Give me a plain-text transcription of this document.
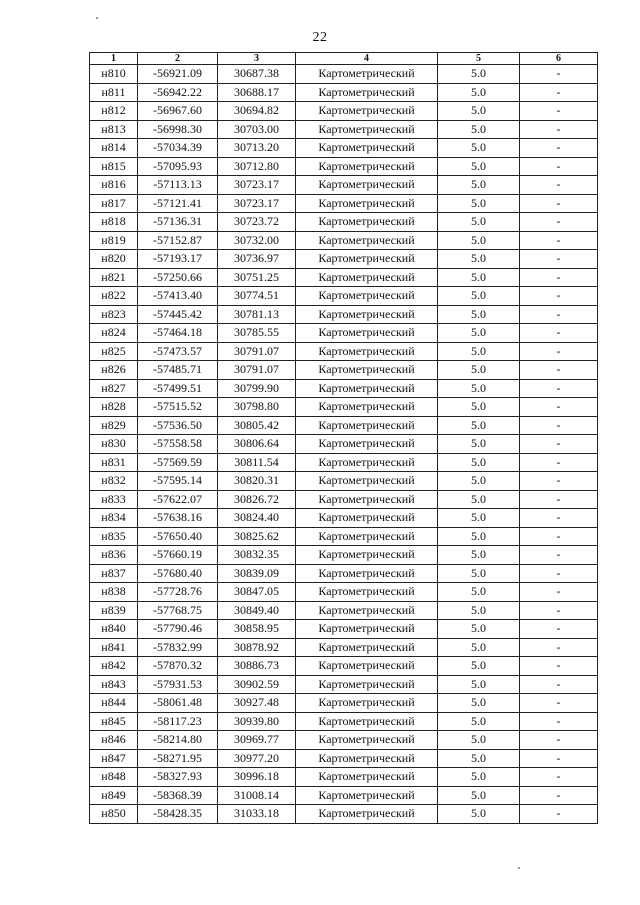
22
1	2	3	4	5	6
н810	-56921.09	30687.38	Картометрический	5.0	-
н811	-56942.22	30688.17	Картометрический	5.0	-
н812	-56967.60	30694.82	Картометрический	5.0	-
н813	-56998.30	30703.00	Картометрический	5.0	-
н814	-57034.39	30713.20	Картометрический	5.0	-
н815	-57095.93	30712.80	Картометрический	5.0	-
н816	-57113.13	30723.17	Картометрический	5.0	-
н817	-57121.41	30723.17	Картометрический	5.0	-
н818	-57136.31	30723.72	Картометрический	5.0	-
н819	-57152.87	30732.00	Картометрический	5.0	-
н820	-57193.17	30736.97	Картометрический	5.0	-
н821	-57250.66	30751.25	Картометрический	5.0	-
н822	-57413.40	30774.51	Картометрический	5.0	-
н823	-57445.42	30781.13	Картометрический	5.0	-
н824	-57464.18	30785.55	Картометрический	5.0	-
н825	-57473.57	30791.07	Картометрический	5.0	-
н826	-57485.71	30791.07	Картометрический	5.0	-
н827	-57499.51	30799.90	Картометрический	5.0	-
н828	-57515.52	30798.80	Картометрический	5.0	-
н829	-57536.50	30805.42	Картометрический	5.0	-
н830	-57558.58	30806.64	Картометрический	5.0	-
н831	-57569.59	30811.54	Картометрический	5.0	-
н832	-57595.14	30820.31	Картометрический	5.0	-
н833	-57622.07	30826.72	Картометрический	5.0	-
н834	-57638.16	30824.40	Картометрический	5.0	-
н835	-57650.40	30825.62	Картометрический	5.0	-
н836	-57660.19	30832.35	Картометрический	5.0	-
н837	-57680.40	30839.09	Картометрический	5.0	-
н838	-57728.76	30847.05	Картометрический	5.0	-
н839	-57768.75	30849.40	Картометрический	5.0	-
н840	-57790.46	30858.95	Картометрический	5.0	-
н841	-57832.99	30878.92	Картометрический	5.0	-
н842	-57870.32	30886.73	Картометрический	5.0	-
н843	-57931.53	30902.59	Картометрический	5.0	-
н844	-58061.48	30927.48	Картометрический	5.0	-
н845	-58117.23	30939.80	Картометрический	5.0	-
н846	-58214.80	30969.77	Картометрический	5.0	-
н847	-58271.95	30977.20	Картометрический	5.0	-
н848	-58327.93	30996.18	Картометрический	5.0	-
н849	-58368.39	31008.14	Картометрический	5.0	-
н850	-58428.35	31033.18	Картометрический	5.0	-
